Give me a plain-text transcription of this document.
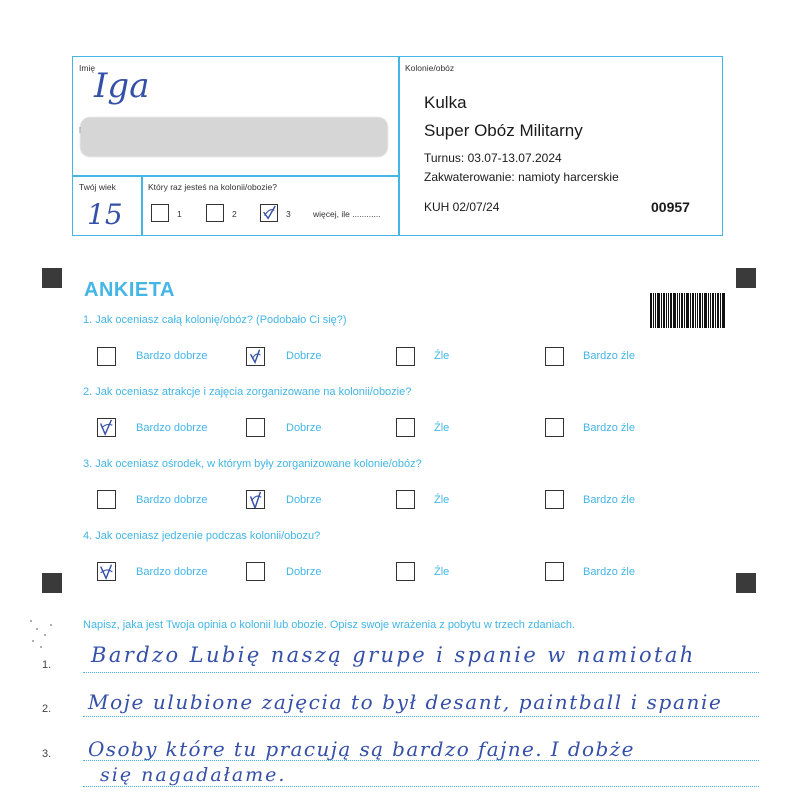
Imię
Iga
Twój wiek
15
Który raz jesteś na kolonii/obozie?
1	2	3	więcej, ile ............
Kolonie/obóz
Kulka
Super Obóz Militarny
Turnus: 03.07-13.07.2024
Zakwaterowanie: namioty harcerskie
KUH 02/07/24	00957
ANKIETA
1. Jak oceniasz całą kolonię/obóz? (Podobało Ci się?)
Bardzo dobrze	Dobrze	Źle	Bardzo źle
2. Jak oceniasz atrakcje i zajęcia zorganizowane na kolonii/obozie?
Bardzo dobrze	Dobrze	Źle	Bardzo źle
3. Jak oceniasz ośrodek, w którym były zorganizowane kolonie/obóz?
Bardzo dobrze	Dobrze	Źle	Bardzo źle
4. Jak oceniasz jedzenie podczas kolonii/obozu?
Bardzo dobrze	Dobrze	Źle	Bardzo źle
Napisz, jaka jest Twoja opinia o kolonii lub obozie. Opisz swoje wrażenia z pobytu w trzech zdaniach.
1. Bardzo Lubię naszą grupe i spanie w namiotah
2. Moje ulubione zajęcia to był desant, paintball i spanie
3. Osoby które tu pracują są bardzo fajne. I dobże
się nagadałame.
